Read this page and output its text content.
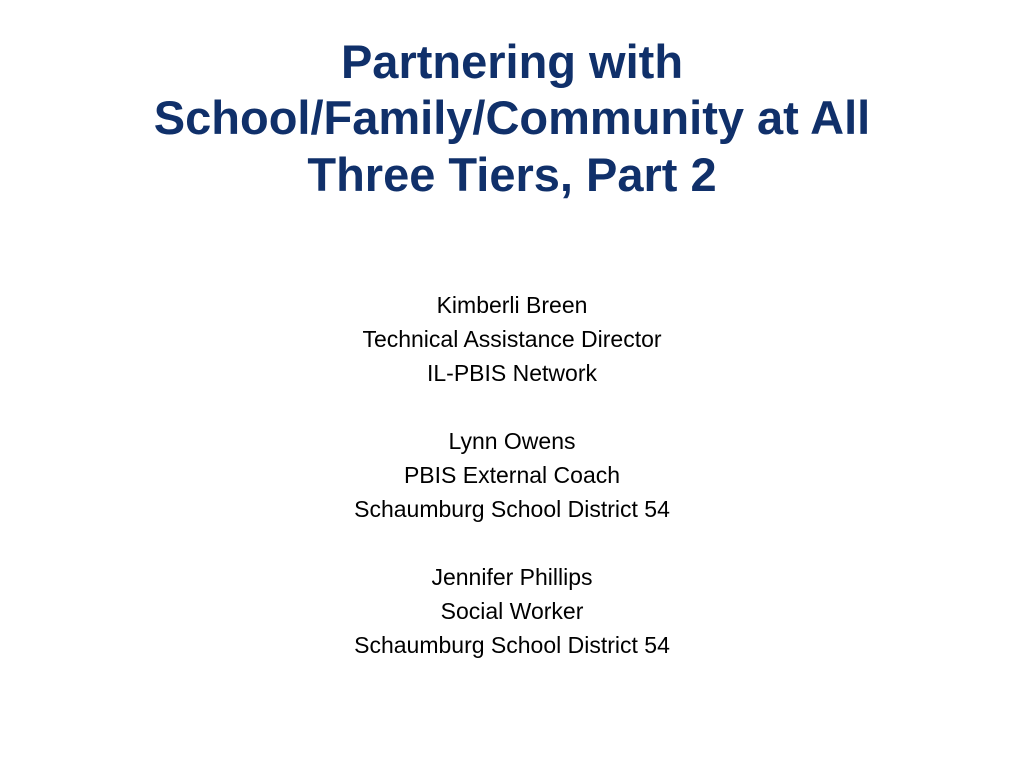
Partnering with
School/Family/Community at All
Three Tiers, Part 2
Kimberli Breen
Technical Assistance Director
IL-PBIS Network
Lynn Owens
PBIS External Coach
Schaumburg School District 54
Jennifer Phillips
Social Worker
Schaumburg School District 54
